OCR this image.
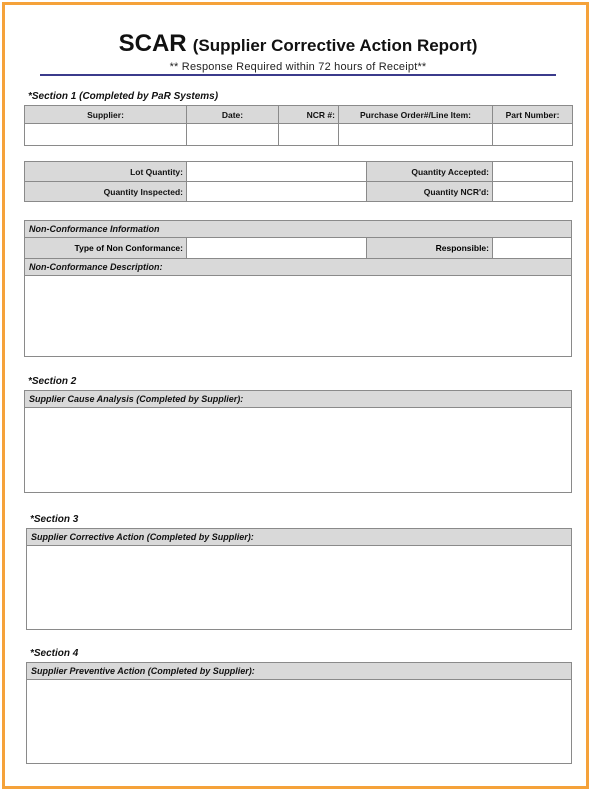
SCAR (Supplier Corrective Action Report)
** Response Required within 72 hours of Receipt**
*Section 1 (Completed by PaR Systems)
Supplier:	Date:	NCR #:	Purchase Order#/Line Item:	Part Number:

Lot Quantity:		Quantity Accepted:	
Quantity Inspected:		Quantity NCR'd:	
Non-Conformance Information
Type of Non Conformance:	Responsible:
Non-Conformance Description:
*Section 2
Supplier Cause Analysis (Completed by Supplier):
*Section 3
Supplier Corrective Action (Completed by Supplier):
*Section 4
Supplier Preventive Action (Completed by Supplier):
